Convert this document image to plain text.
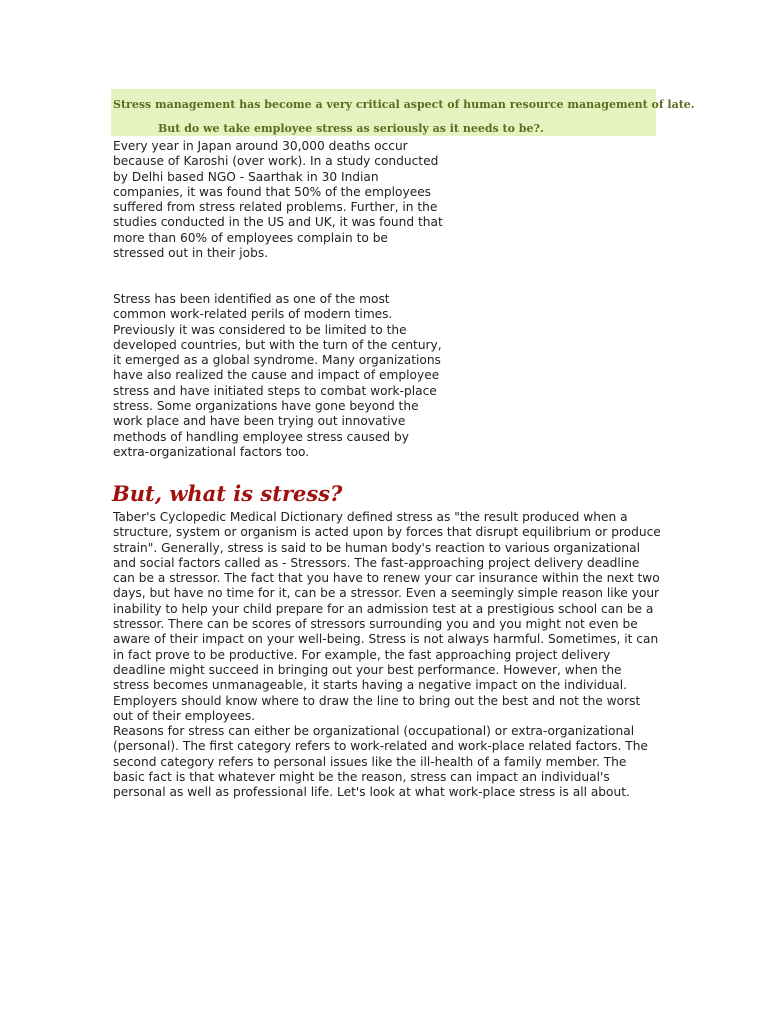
Stress management has become a very critical aspect of human resource management of late.
But do we take employee stress as seriously as it needs to be?.

Every year in Japan around 30,000 deaths occur because of Karoshi (over work). In a study conducted by Delhi based NGO - Saarthak in 30 Indian companies, it was found that 50% of the employees suffered from stress related problems. Further, in the studies conducted in the US and UK, it was found that more than 60% of employees complain to be stressed out in their jobs.

Stress has been identified as one of the most common work-related perils of modern times. Previously it was considered to be limited to the developed countries, but with the turn of the century, it emerged as a global syndrome. Many organizations have also realized the cause and impact of employee stress and have initiated steps to combat work-place stress. Some organizations have gone beyond the work place and have been trying out innovative methods of handling employee stress caused by extra-organizational factors too.

But, what is stress?

Taber's Cyclopedic Medical Dictionary defined stress as "the result produced when a structure, system or organism is acted upon by forces that disrupt equilibrium or produce strain". Generally, stress is said to be human body's reaction to various organizational and social factors called as - Stressors. The fast-approaching project delivery deadline can be a stressor. The fact that you have to renew your car insurance within the next two days, but have no time for it, can be a stressor. Even a seemingly simple reason like your inability to help your child prepare for an admission test at a prestigious school can be a stressor. There can be scores of stressors surrounding you and you might not even be aware of their impact on your well-being. Stress is not always harmful. Sometimes, it can in fact prove to be productive. For example, the fast approaching project delivery deadline might succeed in bringing out your best performance. However, when the stress becomes unmanageable, it starts having a negative impact on the individual. Employers should know where to draw the line to bring out the best and not the worst out of their employees.

Reasons for stress can either be organizational (occupational) or extra-organizational (personal). The first category refers to work-related and work-place related factors. The second category refers to personal issues like the ill-health of a family member. The basic fact is that whatever might be the reason, stress can impact an individual's personal as well as professional life. Let's look at what work-place stress is all about.
